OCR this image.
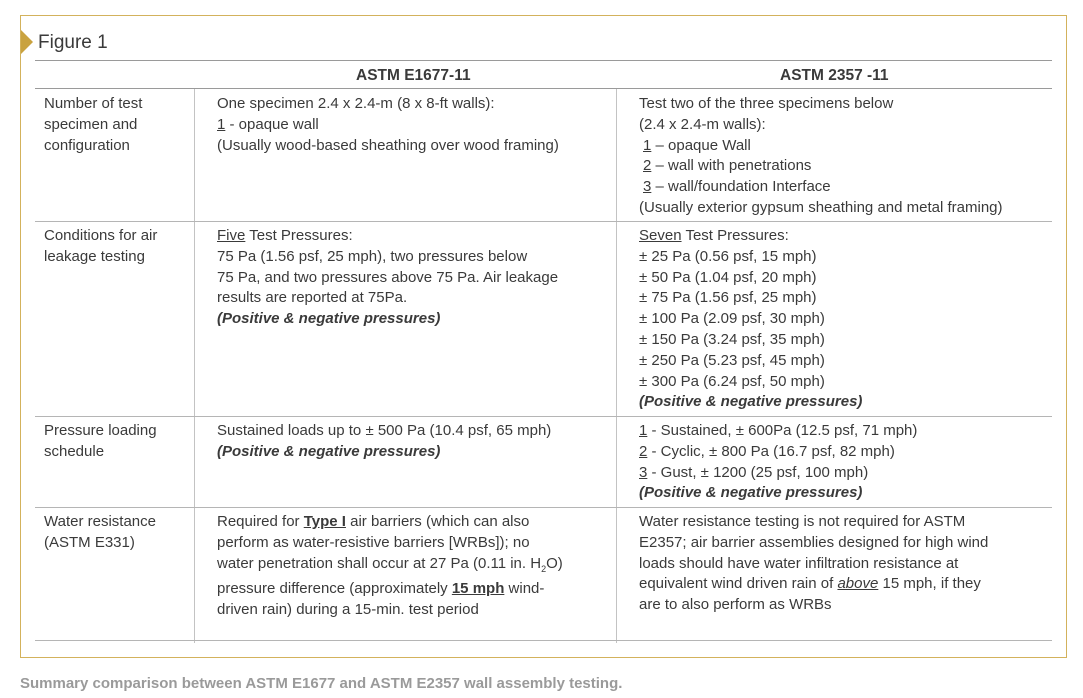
Figure 1
ASTM E1677-11	ASTM 2357 -11
Number of test
specimen and
configuration
One specimen 2.4 x 2.4-m (8 x 8-ft walls):
1 - opaque wall
(Usually wood-based sheathing over wood framing)
Test two of the three specimens below
(2.4 x 2.4-m walls):
1 – opaque Wall
2 – wall with penetrations
3 – wall/foundation Interface
(Usually exterior gypsum sheathing and metal framing)
Conditions for air
leakage testing
Five Test Pressures:
75 Pa (1.56 psf, 25 mph), two pressures below
75 Pa, and two pressures above 75 Pa. Air leakage
results are reported at 75Pa.
(Positive & negative pressures)
Seven Test Pressures:
± 25 Pa (0.56 psf, 15 mph)
± 50 Pa (1.04 psf, 20 mph)
± 75 Pa (1.56 psf, 25 mph)
± 100 Pa (2.09 psf, 30 mph)
± 150 Pa (3.24 psf, 35 mph)
± 250 Pa (5.23 psf, 45 mph)
± 300 Pa (6.24 psf, 50 mph)
(Positive & negative pressures)
Pressure loading
schedule
Sustained loads up to ± 500 Pa (10.4 psf, 65 mph)
(Positive & negative pressures)
1 - Sustained, ± 600Pa (12.5 psf, 71 mph)
2 - Cyclic, ± 800 Pa (16.7 psf, 82 mph)
3 - Gust, ± 1200 (25 psf, 100 mph)
(Positive & negative pressures)
Water resistance
(ASTM E331)
Required for Type I air barriers (which can also
perform as water-resistive barriers [WRBs]); no
water penetration shall occur at 27 Pa (0.11 in. $H_2O$)
pressure difference (approximately 15 mph wind-
driven rain) during a 15-min. test period
Water resistance testing is not required for ASTM
E2357; air barrier assemblies designed for high wind
loads should have water infiltration resistance at
equivalent wind driven rain of above 15 mph, if they
are to also perform as WRBs
Summary comparison between ASTM E1677 and ASTM E2357 wall assembly testing.
